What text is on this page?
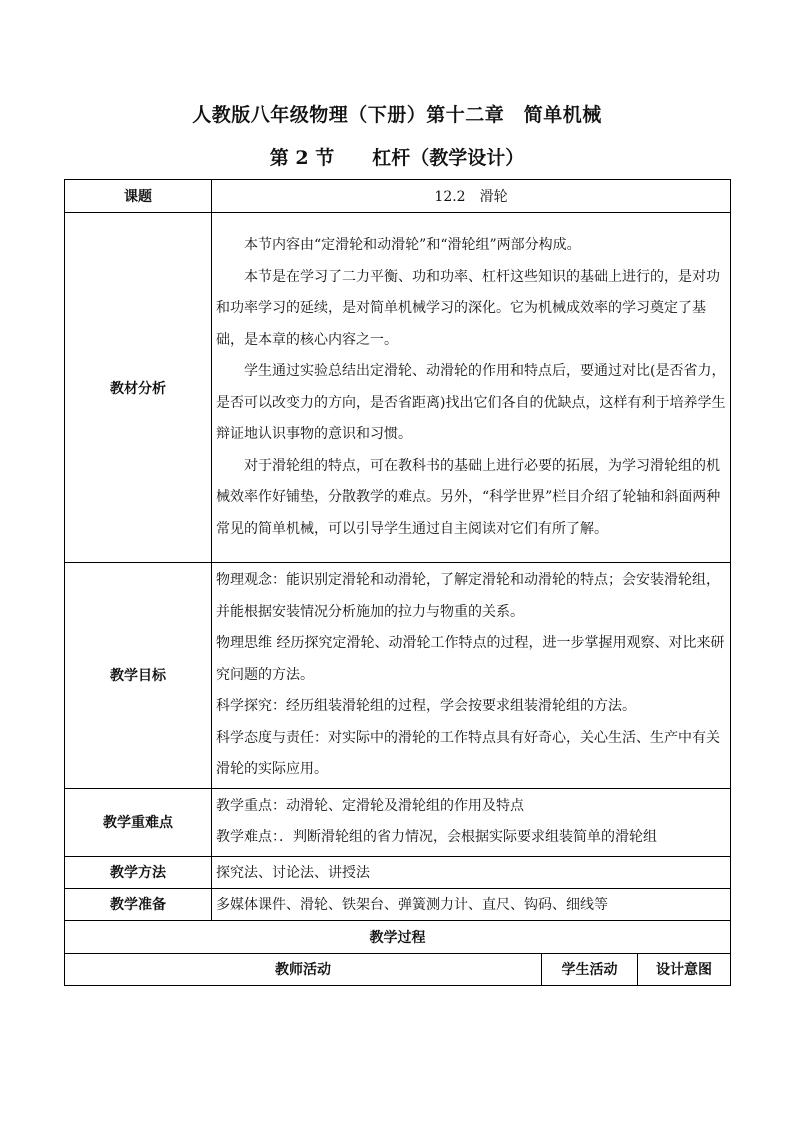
人教版八年级物理（下册）第十二章　简单机械
第 2 节　　杠杆（教学设计）
课题	12.2　滑轮		
教材分析	本节内容由“定滑轮和动滑轮”和“滑轮组”两部分构成。

本节是在学习了二力平衡、功和功率、杠杆这些知识的基础上进行的，是对功和功率学习的延续，是对简单机械学习的深化。它为机械成效率的学习奠定了基础，是本章的核心内容之一。

学生通过实验总结出定滑轮、动滑轮的作用和特点后，要通过对比(是否省力，是否可以改变力的方向，是否省距离)找出它们各自的优缺点，这样有利于培养学生辩证地认识事物的意识和习惯。

对于滑轮组的特点，可在教科书的基础上进行必要的拓展，为学习滑轮组的机械效率作好铺垫，分散教学的难点。另外，“科学世界”栏目介绍了轮轴和斜面两种常见的简单机械，可以引导学生通过自主阅读对它们有所了解。		

教学目标	物理观念：能识别定滑轮和动滑轮，了解定滑轮和动滑轮的特点；会安装滑轮组，并能根据安装情况分析施加的拉力与物重的关系。

物理思维 经历探究定滑轮、动滑轮工作特点的过程，进一步掌握用观察、对比来研究问题的方法。

科学探究：经历组装滑轮组的过程，学会按要求组装滑轮组的方法。

科学态度与责任：对实际中的滑轮的工作特点具有好奇心，关心生活、生产中有关滑轮的实际应用。		

教学重难点	教学重点：动滑轮、定滑轮及滑轮组的作用及特点

教学难点：．判断滑轮组的省力情况，会根据实际要求组装简单的滑轮组		

教学方法	探究法、讨论法、讲授法		
教学准备	多媒体课件、滑轮、铁架台、弹簧测力计、直尺、钩码、细线等		
教学过程			
教师活动		学生活动	设计意图
